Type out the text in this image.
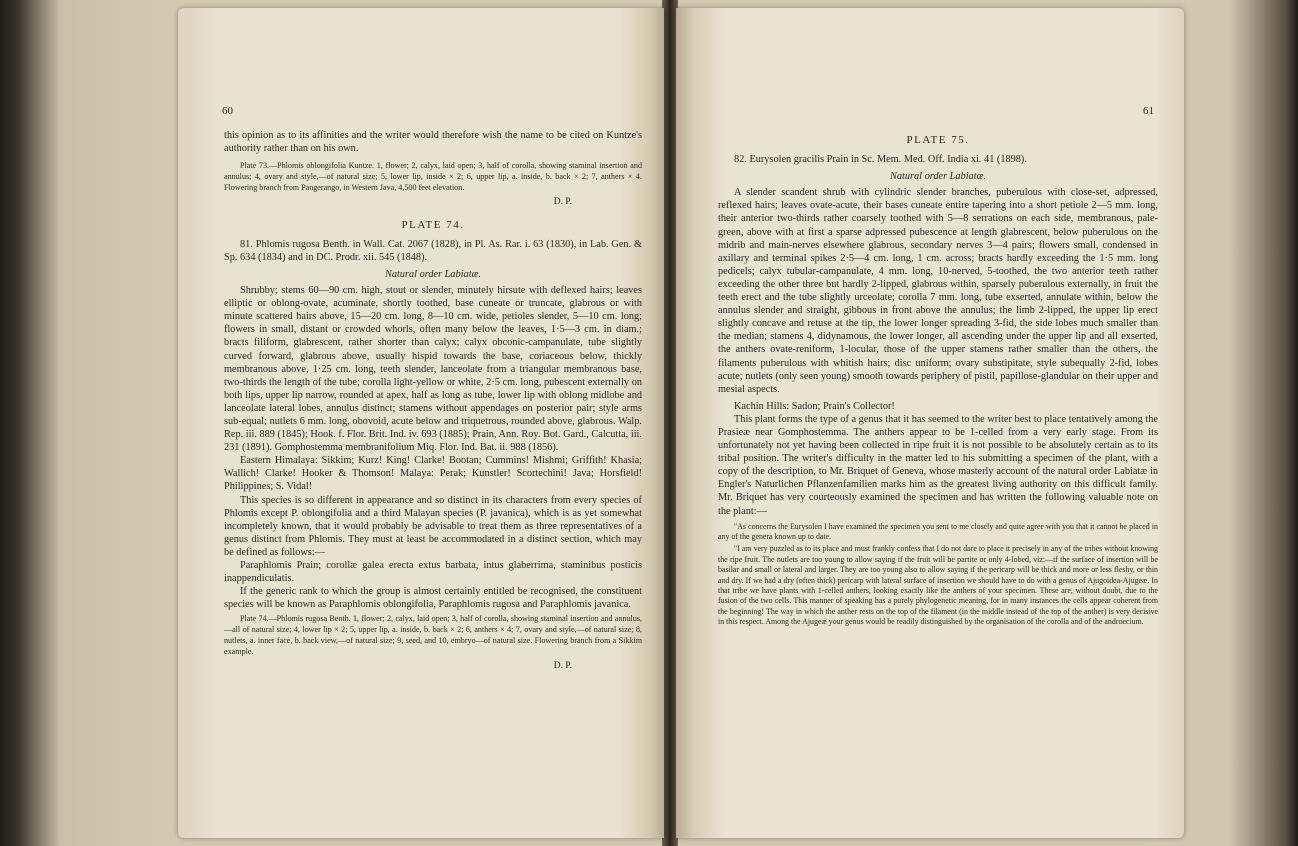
60

this opinion as to its affinities and the writer would therefore wish the name to be cited on Kuntze's authority rather than on his own.

Plate 73.—Phlomis oblongifolia Kuntze. 1, flower; 2, calyx, laid open; 3, half of corolla, showing staminal insertion and annulus; 4, ovary and style,—of natural size; 5, lower lip, inside × 2; 6, upper lip, a. inside, b. back × 2; 7, anthers × 4. Flowering branch from Pangerango, in Western Java, 4,500 feet elevation.

D. P.

PLATE 74.

81. Phlomis rugosa Benth. in Wall. Cat. 2067 (1828), in Pl. As. Rar. i. 63 (1830), in Lab. Gen. & Sp. 634 (1834) and in DC. Prodr. xii. 545 (1848).

Natural order Labiatæ.

Shrubby; stems 60—90 cm. high, stout or slender, minutely hirsute with deflexed hairs; leaves elliptic or oblong-ovate, acuminate, shortly toothed, base cuneate or truncate, glabrous or with minute scattered hairs above, 15—20 cm. long, 8—10 cm. wide, petioles slender, 5—10 cm. long; flowers in small, distant or crowded whorls, often many below the leaves, 1·5—3 cm. in diam.; bracts filiform, glabrescent, rather shorter than calyx; calyx obconic-campanulate, tube slightly curved forward, glabrous above, usually hispid towards the base, coriaceous below, thickly membranous above, 1·25 cm. long, teeth slender, lanceolate from a triangular membranous base, two-thirds the length of the tube; corolla light-yellow or white, 2·5 cm. long, pubescent externally on both lips, upper lip narrow, rounded at apex, half as long as tube, lower lip with oblong midlobe and lanceolate lateral lobes, annulus distinct; stamens without appendages on posterior pair; style arms sub-equal; nutlets 6 mm. long, obovoid, acute below and triquetrous, rounded above, glabrous. Walp. Rep. iii. 889 (1845); Hook. f. Flor. Brit. Ind. iv. 693 (1885); Prain, Ann. Roy. Bot. Gard., Calcutta, iii. 231 (1891). Gomphostemma membranifolium Miq. Flor. Ind. Bat. ii. 988 (1856).

Eastern Himalaya: Sikkim; Kurz! King! Clarke! Bootan; Cummins! Mishmi; Griffith! Khasia; Wallich! Clarke! Hooker & Thomson! Malaya: Perak; Kunstler! Scortechini! Java; Horsfield! Philippines; S. Vidal!

This species is so different in appearance and so distinct in its characters from every species of Phlomis except P. oblongifolia and a third Malayan species (P. javanica), which is as yet somewhat incompletely known, that it would probably be advisable to treat them as three representatives of a genus distinct from Phlomis. They must at least be accommodated in a distinct section, which may be defined as follows:—

Paraphlomis Prain; corollæ galea erecta extus barbata, intus glaberrima, staminibus posticis inappendiculatis.

If the generic rank to which the group is almost certainly entitled be recognised, the constituent species will be known as Paraphlomis oblongifolia, Paraphlomis rugosa and Paraphlomis javanica.

Plate 74.—Phlomis rugosa Benth. 1, flower; 2, calyx, laid open; 3, half of corolla, showing staminal insertion and annulus,—all of natural size; 4, lower lip × 2; 5, upper lip, a. inside, b. back × 2; 6, anthers × 4; 7, ovary and style,—of natural size; 8, nutlets, a. inner face, b. back view,—of natural size; 9, seed, and 10, embryo—of natural size. Flowering branch from a Sikkim example.

D. P.

61

PLATE 75.

82. Eurysolen gracilis Prain in Sc. Mem. Med. Off. India xi. 41 (1898).

Natural order Labiatæ.

A slender scandent shrub with cylindric slender branches, puberulous with close-set, adpressed, reflexed hairs; leaves ovate-acute, their bases cuneate entire tapering into a short petiole 2—5 mm. long, their anterior two-thirds rather coarsely toothed with 5—8 serrations on each side, membranous, pale-green, above with at first a sparse adpressed pubescence at length glabrescent, below puberulous on the midrib and main-nerves elsewhere glabrous, secondary nerves 3—4 pairs; flowers small, condensed in axillary and terminal spikes 2·5—4 cm. long, 1 cm. across; bracts hardly exceeding the 1·5 mm. long pedicels; calyx tubular-campanulate, 4 mm. long, 10-nerved, 5-toothed, the two anterior teeth rather exceeding the other three but hardly 2-lipped, glabrous within, sparsely puberulous externally, in fruit the teeth erect and the tube slightly urceolate; corolla 7 mm. long, tube exserted, annulate within, below the annulus slender and straight, gibbous in front above the annulus; the limb 2-lipped, the upper lip erect slightly concave and retuse at the tip, the lower longer spreading 3-fid, the side lobes much smaller than the median; stamens 4, didynamous, the lower longer, all ascending under the upper lip and all exserted, the anthers ovate-reniform, 1-locular, those of the upper stamens rather smaller than the others, the filaments puberulous with whitish hairs; disc uniform; ovary substipitate, style subequally 2-fid, lobes acute; nutlets (only seen young) smooth towards periphery of pistil, papillose-glandular on their upper and mesial aspects.

Kachin Hills: Sadon; Prain's Collector!

This plant forms the type of a genus that it has seemed to the writer best to place tentatively among the Prasieæ near Gomphostemma. The anthers appear to be 1-celled from a very early stage. From its unfortunately not yet having been collected in ripe fruit it is not possible to be absolutely certain as to its tribal position. The writer's difficulty in the matter led to his submitting a specimen of the plant, with a copy of the description, to Mr. Briquet of Geneva, whose masterly account of the natural order Labiatæ in Engler's Naturlichen Pflanzenfamilien marks him as the greatest living authority on this difficult family. Mr. Briquet has very courteously examined the specimen and has written the following valuable note on the plant:—

"As concerns the Eurysolen I have examined the specimen you sent to me closely and quite agree with you that it cannot be placed in any of the genera known up to date.

"I am very puzzled as to its place and must frankly confess that I do not dare to place it precisely in any of the tribes without knowing the ripe fruit. The nutlets are too young to allow saying if the fruit will be partite or only 4-lobed, viz:—if the surface of insertion will be basilar and small or lateral and larger. They are too young also to allow saying if the pericarp will be thick and more or less fleshy, or thin and dry. If we had a dry (often thick) pericarp with lateral surface of insertion we should have to do with a genus of Ajugoidea-Ajugeæ. In that tribe we have plants with 1-celled anthers, looking exactly like the anthers of your specimen. These are, without doubt, due to the fusion of the two cells. This manner of speaking has a purely phylogenetic meaning, for in many instances the cells appear coherent from the beginning! The way in which the anther rests on the top of the filament (in the middle instead of the top of the anther) is very decisive in this respect. Among the Ajugeæ your genus would be readily distinguished by the organisation of the corolla and of the androecium.
